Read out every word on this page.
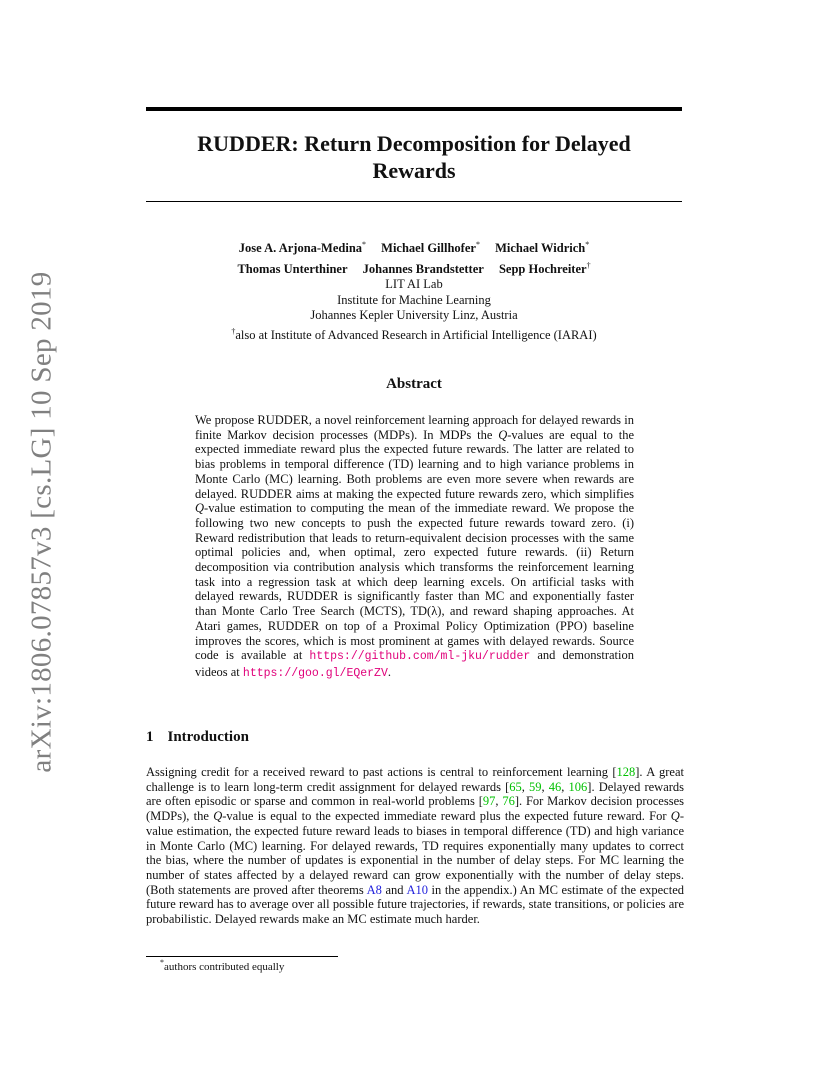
arXiv:1806.07857v3 [cs.LG] 10 Sep 2019
RUDDER: Return Decomposition for Delayed
Rewards
Jose A. Arjona-Medina* Michael Gillhofer* Michael Widrich*
Thomas Unterthiner Johannes Brandstetter Sepp Hochreiter†
LIT AI Lab
Institute for Machine Learning
Johannes Kepler University Linz, Austria
†also at Institute of Advanced Research in Artificial Intelligence (IARAI)
Abstract
We propose RUDDER, a novel reinforcement learning approach for delayed rewards in finite Markov decision processes (MDPs). In MDPs the Q-values are equal to the expected immediate reward plus the expected future rewards. The latter are related to bias problems in temporal difference (TD) learning and to high variance problems in Monte Carlo (MC) learning. Both problems are even more severe when rewards are delayed. RUDDER aims at making the expected future rewards zero, which simplifies Q-value estimation to computing the mean of the immediate reward. We propose the following two new concepts to push the expected future rewards toward zero. (i) Reward redistribution that leads to return-equivalent decision processes with the same optimal policies and, when optimal, zero expected future rewards. (ii) Return decomposition via contribution analysis which transforms the reinforcement learning task into a regression task at which deep learning excels. On artificial tasks with delayed rewards, RUDDER is significantly faster than MC and exponentially faster than Monte Carlo Tree Search (MCTS), TD(λ), and reward shaping approaches. At Atari games, RUDDER on top of a Proximal Policy Optimization (PPO) baseline improves the scores, which is most prominent at games with delayed rewards. Source code is available at https://github.com/ml-jku/rudder and demonstration videos at https://goo.gl/EQerZV.
1 Introduction
Assigning credit for a received reward to past actions is central to reinforcement learning [128]. A great challenge is to learn long-term credit assignment for delayed rewards [65, 59, 46, 106]. Delayed rewards are often episodic or sparse and common in real-world problems [97, 76]. For Markov decision processes (MDPs), the Q-value is equal to the expected immediate reward plus the expected future reward. For Q-value estimation, the expected future reward leads to biases in temporal difference (TD) and high variance in Monte Carlo (MC) learning. For delayed rewards, TD requires exponentially many updates to correct the bias, where the number of updates is exponential in the number of delay steps. For MC learning the number of states affected by a delayed reward can grow exponentially with the number of delay steps. (Both statements are proved after theorems A8 and A10 in the appendix.) An MC estimate of the expected future reward has to average over all possible future trajectories, if rewards, state transitions, or policies are probabilistic. Delayed rewards make an MC estimate much harder.
*authors contributed equally
